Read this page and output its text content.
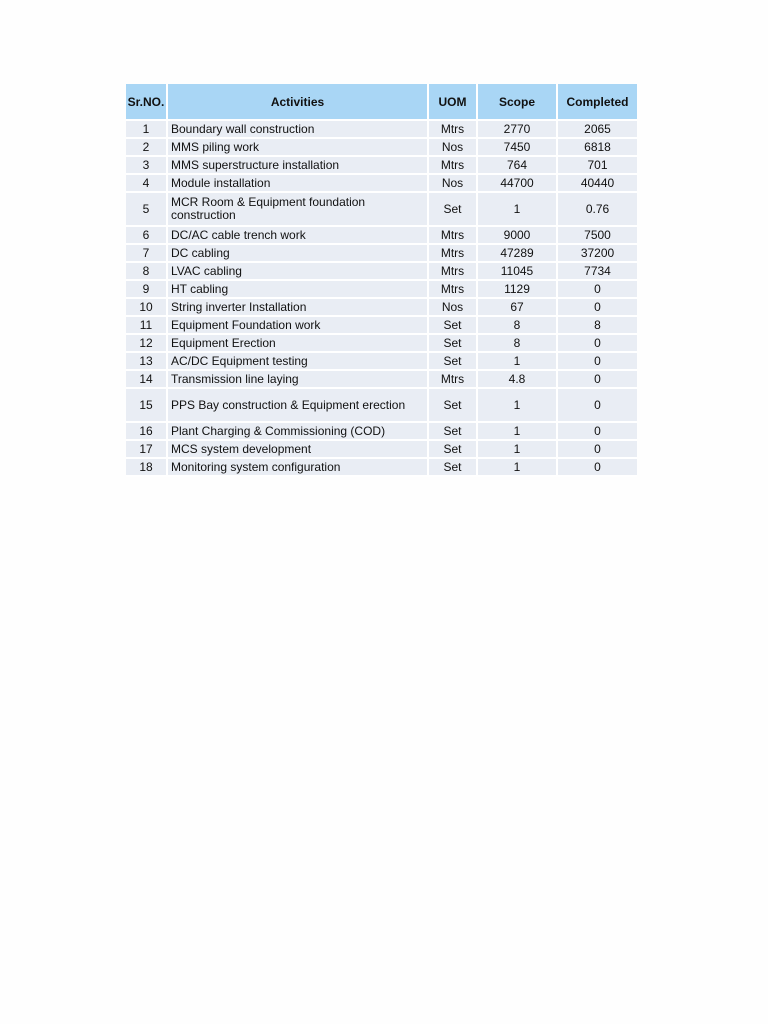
Sr.NO.	Activities	UOM	Scope	Completed
1	Boundary wall construction	Mtrs	2770	2065
2	MMS piling work	Nos	7450	6818
3	MMS superstructure installation	Mtrs	764	701
4	Module installation	Nos	44700	40440
5	MCR Room & Equipment foundation construction	Set	1	0.76
6	DC/AC cable trench work	Mtrs	9000	7500
7	DC cabling	Mtrs	47289	37200
8	LVAC cabling	Mtrs	11045	7734
9	HT cabling	Mtrs	1129	0
10	String inverter Installation	Nos	67	0
11	Equipment Foundation work	Set	8	8
12	Equipment Erection	Set	8	0
13	AC/DC Equipment testing	Set	1	0
14	Transmission line laying	Mtrs	4.8	0
15	PPS Bay construction & Equipment erection	Set	1	0
16	Plant Charging & Commissioning (COD)	Set	1	0
17	MCS system development	Set	1	0
18	Monitoring system configuration	Set	1	0
